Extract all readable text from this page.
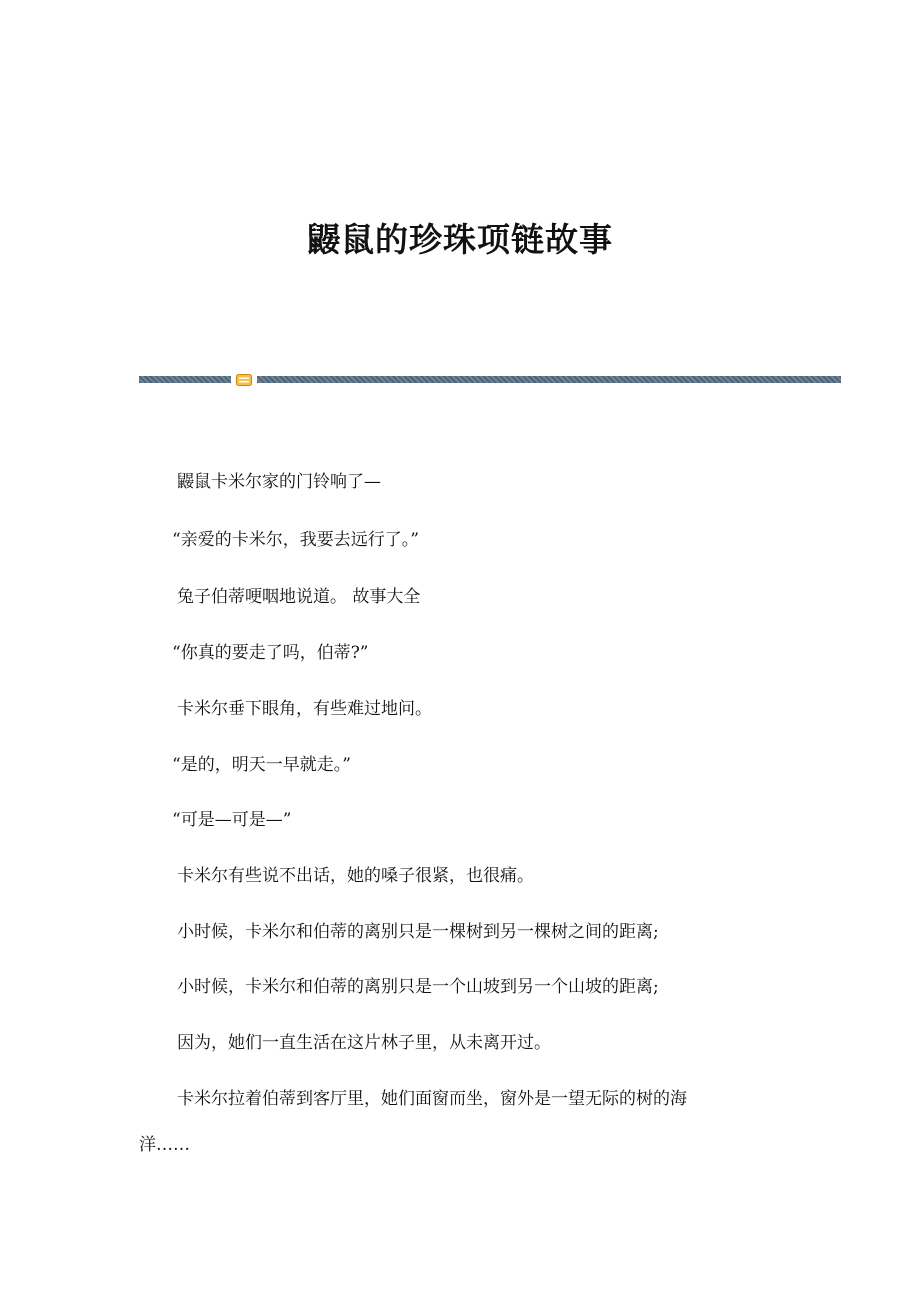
鼹鼠的珍珠项链故事

鼹鼠卡米尔家的门铃响了—

“亲爱的卡米尔，我要去远行了。”

兔子伯蒂哽咽地说道。 故事大全

“你真的要走了吗，伯蒂?”

卡米尔垂下眼角，有些难过地问。

“是的，明天一早就走。”

“可是—可是—”

卡米尔有些说不出话，她的嗓子很紧，也很痛。

小时候，卡米尔和伯蒂的离别只是一棵树到另一棵树之间的距离;

小时候，卡米尔和伯蒂的离别只是一个山坡到另一个山坡的距离;

因为，她们一直生活在这片林子里，从未离开过。

卡米尔拉着伯蒂到客厅里，她们面窗而坐，窗外是一望无际的树的海

洋……
